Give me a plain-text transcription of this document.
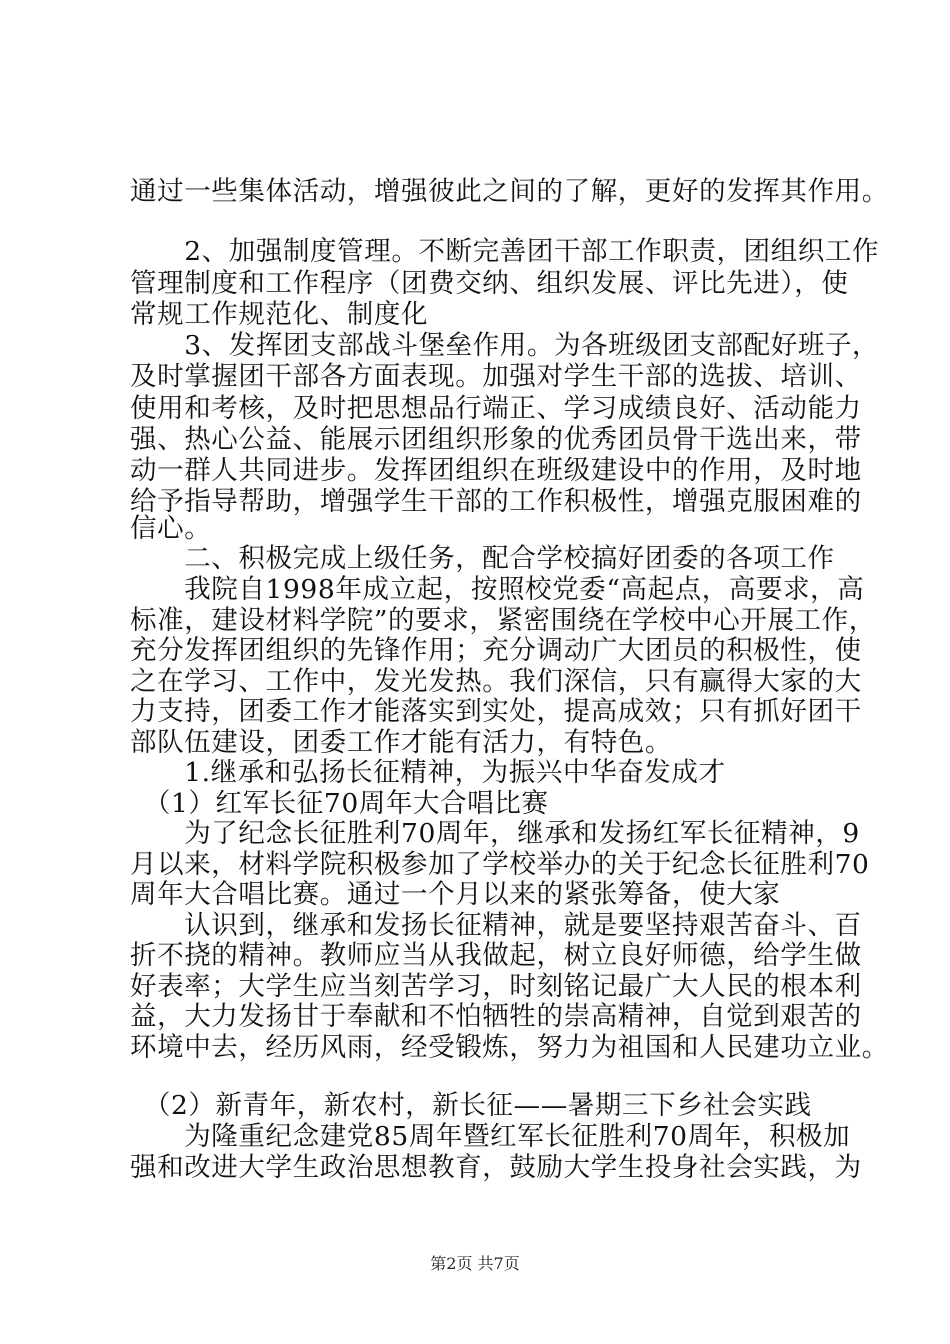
通过一些集体活动，增强彼此之间的了解，更好的发挥其作用。
　　2、加强制度管理。不断完善团干部工作职责，团组织工作
管理制度和工作程序（团费交纳、组织发展、评比先进），使
常规工作规范化、制度化
　　3、发挥团支部战斗堡垒作用。为各班级团支部配好班子，
及时掌握团干部各方面表现。加强对学生干部的选拔、培训、
使用和考核，及时把思想品行端正、学习成绩良好、活动能力
强、热心公益、能展示团组织形象的优秀团员骨干选出来，带
动一群人共同进步。发挥团组织在班级建设中的作用，及时地
给予指导帮助，增强学生干部的工作积极性，增强克服困难的
信心。
　　二、积极完成上级任务，配合学校搞好团委的各项工作
　　我院自1998年成立起，按照校党委“高起点，高要求，高
标准，建设材料学院”的要求，紧密围绕在学校中心开展工作，
充分发挥团组织的先锋作用；充分调动广大团员的积极性，使
之在学习、工作中，发光发热。我们深信，只有赢得大家的大
力支持，团委工作才能落实到实处，提高成效；只有抓好团干
部队伍建设，团委工作才能有活力，有特色。
　　1.继承和弘扬长征精神，为振兴中华奋发成才
　（1）红军长征70周年大合唱比赛
　　为了纪念长征胜利70周年，继承和发扬红军长征精神，9
月以来，材料学院积极参加了学校举办的关于纪念长征胜利70
周年大合唱比赛。通过一个月以来的紧张筹备，使大家
　　认识到，继承和发扬长征精神，就是要坚持艰苦奋斗、百
折不挠的精神。教师应当从我做起，树立良好师德，给学生做
好表率；大学生应当刻苦学习，时刻铭记最广大人民的根本利
益，大力发扬甘于奉献和不怕牺牲的崇高精神，自觉到艰苦的
环境中去，经历风雨，经受锻炼，努力为祖国和人民建功立业。
　（2）新青年，新农村，新长征——暑期三下乡社会实践
　　为隆重纪念建党85周年暨红军长征胜利70周年，积极加
强和改进大学生政治思想教育，鼓励大学生投身社会实践，为
第2页 共7页
